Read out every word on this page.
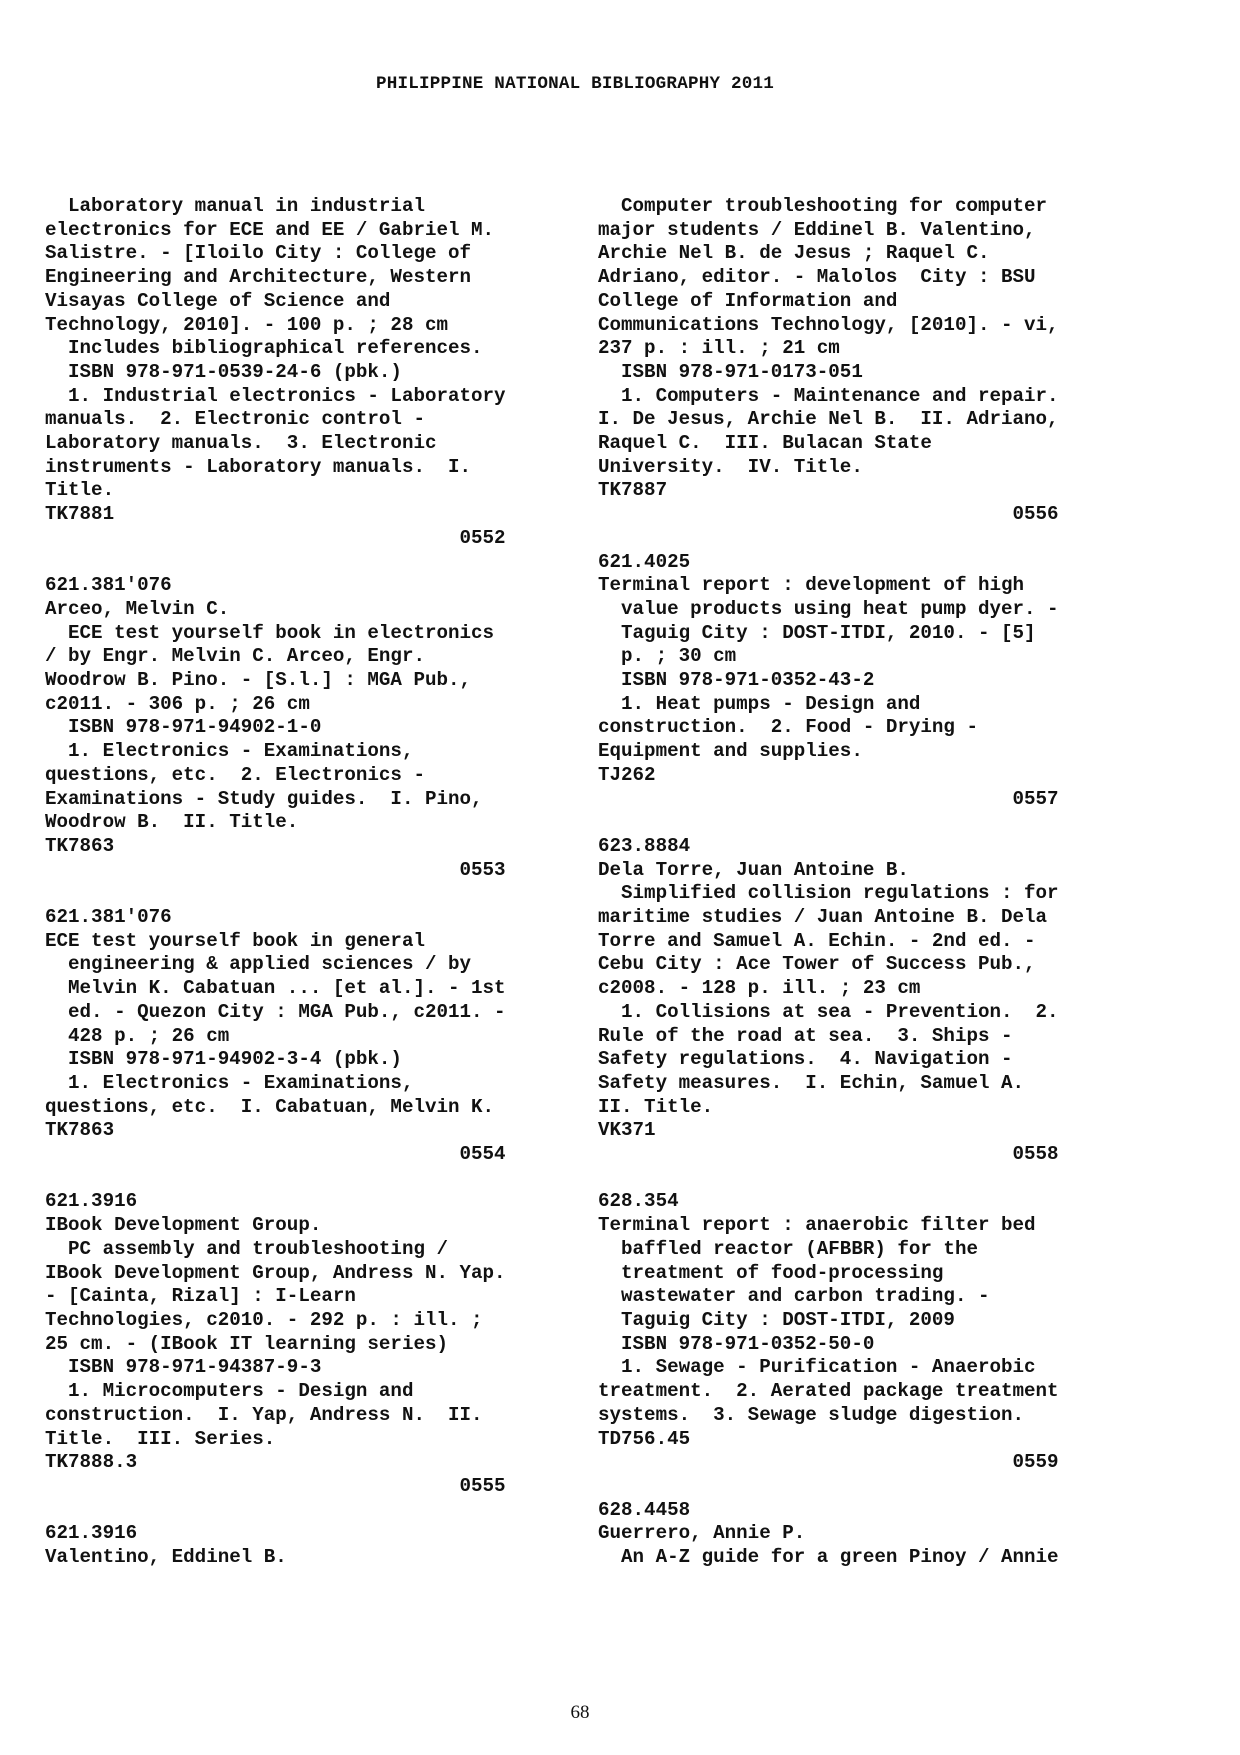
PHILIPPINE NATIONAL BIBLIOGRAPHY 2011
Laboratory manual in industrial
electronics for ECE and EE / Gabriel M.
Salistre. - [Iloilo City : College of
Engineering and Architecture, Western
Visayas College of Science and
Technology, 2010]. - 100 p. ; 28 cm
Includes bibliographical references.
ISBN 978-971-0539-24-6 (pbk.)
1. Industrial electronics - Laboratory
manuals.  2. Electronic control -
Laboratory manuals.  3. Electronic
instruments - Laboratory manuals.  I.
Title.
TK7881
0552
621.381'076
Arceo, Melvin C.
ECE test yourself book in electronics
/ by Engr. Melvin C. Arceo, Engr.
Woodrow B. Pino. - [S.l.] : MGA Pub.,
c2011. - 306 p. ; 26 cm
ISBN 978-971-94902-1-0
1. Electronics - Examinations,
questions, etc.  2. Electronics -
Examinations - Study guides.  I. Pino,
Woodrow B.  II. Title.
TK7863
0553
621.381'076
ECE test yourself book in general
engineering & applied sciences / by
Melvin K. Cabatuan ... [et al.]. - 1st
ed. - Quezon City : MGA Pub., c2011. -
428 p. ; 26 cm
ISBN 978-971-94902-3-4 (pbk.)
1. Electronics - Examinations,
questions, etc.  I. Cabatuan, Melvin K.
TK7863
0554
621.3916
IBook Development Group.
PC assembly and troubleshooting /
IBook Development Group, Andress N. Yap.
- [Cainta, Rizal] : I-Learn
Technologies, c2010. - 292 p. : ill. ;
25 cm. - (IBook IT learning series)
ISBN 978-971-94387-9-3
1. Microcomputers - Design and
construction.  I. Yap, Andress N.  II.
Title.  III. Series.
TK7888.3
0555
621.3916
Valentino, Eddinel B.
Computer troubleshooting for computer
major students / Eddinel B. Valentino,
Archie Nel B. de Jesus ; Raquel C.
Adriano, editor. - Malolos  City : BSU
College of Information and
Communications Technology, [2010]. - vi,
237 p. : ill. ; 21 cm
ISBN 978-971-0173-051
1. Computers - Maintenance and repair.
I. De Jesus, Archie Nel B.  II. Adriano,
Raquel C.  III. Bulacan State
University.  IV. Title.
TK7887
0556
621.4025
Terminal report : development of high
value products using heat pump dyer. -
Taguig City : DOST-ITDI, 2010. - [5]
p. ; 30 cm
ISBN 978-971-0352-43-2
1. Heat pumps - Design and
construction.  2. Food - Drying -
Equipment and supplies.
TJ262
0557
623.8884
Dela Torre, Juan Antoine B.
Simplified collision regulations : for
maritime studies / Juan Antoine B. Dela
Torre and Samuel A. Echin. - 2nd ed. -
Cebu City : Ace Tower of Success Pub.,
c2008. - 128 p. ill. ; 23 cm
1. Collisions at sea - Prevention.  2.
Rule of the road at sea.  3. Ships -
Safety regulations.  4. Navigation -
Safety measures.  I. Echin, Samuel A.
II. Title.
VK371
0558
628.354
Terminal report : anaerobic filter bed
baffled reactor (AFBBR) for the
treatment of food-processing
wastewater and carbon trading. -
Taguig City : DOST-ITDI, 2009
ISBN 978-971-0352-50-0
1. Sewage - Purification - Anaerobic
treatment.  2. Aerated package treatment
systems.  3. Sewage sludge digestion.
TD756.45
0559
628.4458
Guerrero, Annie P.
An A-Z guide for a green Pinoy / Annie
68
